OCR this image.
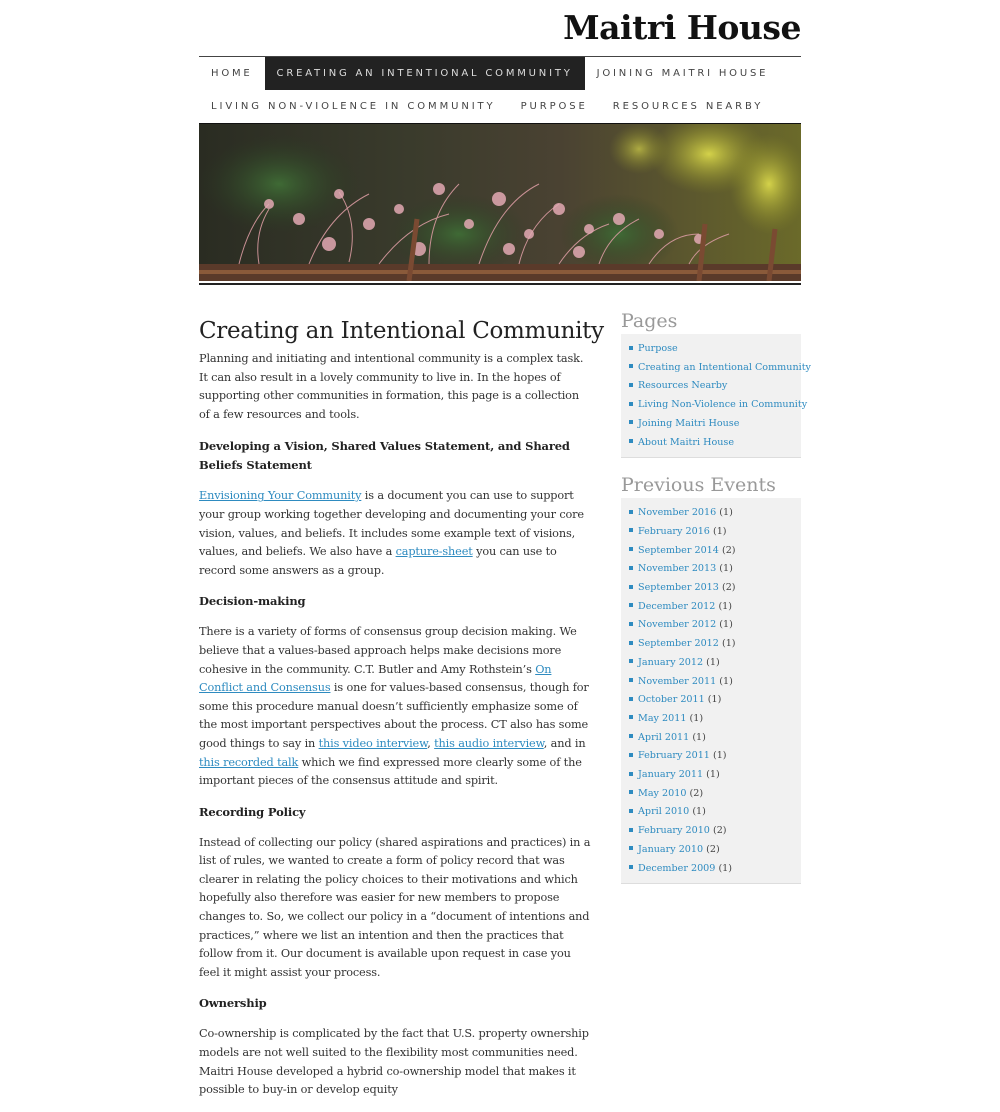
Maitri House
HOME	CREATING AN INTENTIONAL COMMUNITY	JOINING MAITRI HOUSE
LIVING NON-VIOLENCE IN COMMUNITY	PURPOSE	RESOURCES NEARBY
Creating an Intentional Community

Planning and initiating and intentional community is a complex task. It can also result in a lovely community to live in. In the hopes of supporting other communities in formation, this page is a collection of a few resources and tools.

Developing a Vision, Shared Values Statement, and Shared Beliefs Statement

Envisioning Your Community is a document you can use to support your group working together developing and documenting your core vision, values, and beliefs. It includes some example text of visions, values, and beliefs. We also have a capture-sheet you can use to record some answers as a group.

Decision-making

There is a variety of forms of consensus group decision making. We believe that a values-based approach helps make decisions more cohesive in the community. C.T. Butler and Amy Rothstein’s On Conflict and Consensus is one for values-based consensus, though for some this procedure manual doesn’t sufficiently emphasize some of the most important perspectives about the process. CT also has some good things to say in this video interview, this audio interview, and in this recorded talk which we find expressed more clearly some of the important pieces of the consensus attitude and spirit.

Recording Policy

Instead of collecting our policy (shared aspirations and practices) in a list of rules, we wanted to create a form of policy record that was clearer in relating the policy choices to their motivations and which hopefully also therefore was easier for new members to propose changes to. So, we collect our policy in a “document of intentions and practices,” where we list an intention and then the practices that follow from it. Our document is available upon request in case you feel it might assist your process.

Ownership

Co-ownership is complicated by the fact that U.S. property ownership models are not well suited to the flexibility most communities need. Maitri House developed a hybrid co-ownership model that makes it possible to buy-in or develop equity

Pages
Purpose
Creating an Intentional Community
Resources Nearby
Living Non-Violence in Community
Joining Maitri House
About Maitri House
Previous Events
November 2016 (1)
February 2016 (1)
September 2014 (2)
November 2013 (1)
September 2013 (2)
December 2012 (1)
November 2012 (1)
September 2012 (1)
January 2012 (1)
November 2011 (1)
October 2011 (1)
May 2011 (1)
April 2011 (1)
February 2011 (1)
January 2011 (1)
May 2010 (2)
April 2010 (1)
February 2010 (2)
January 2010 (2)
December 2009 (1)
